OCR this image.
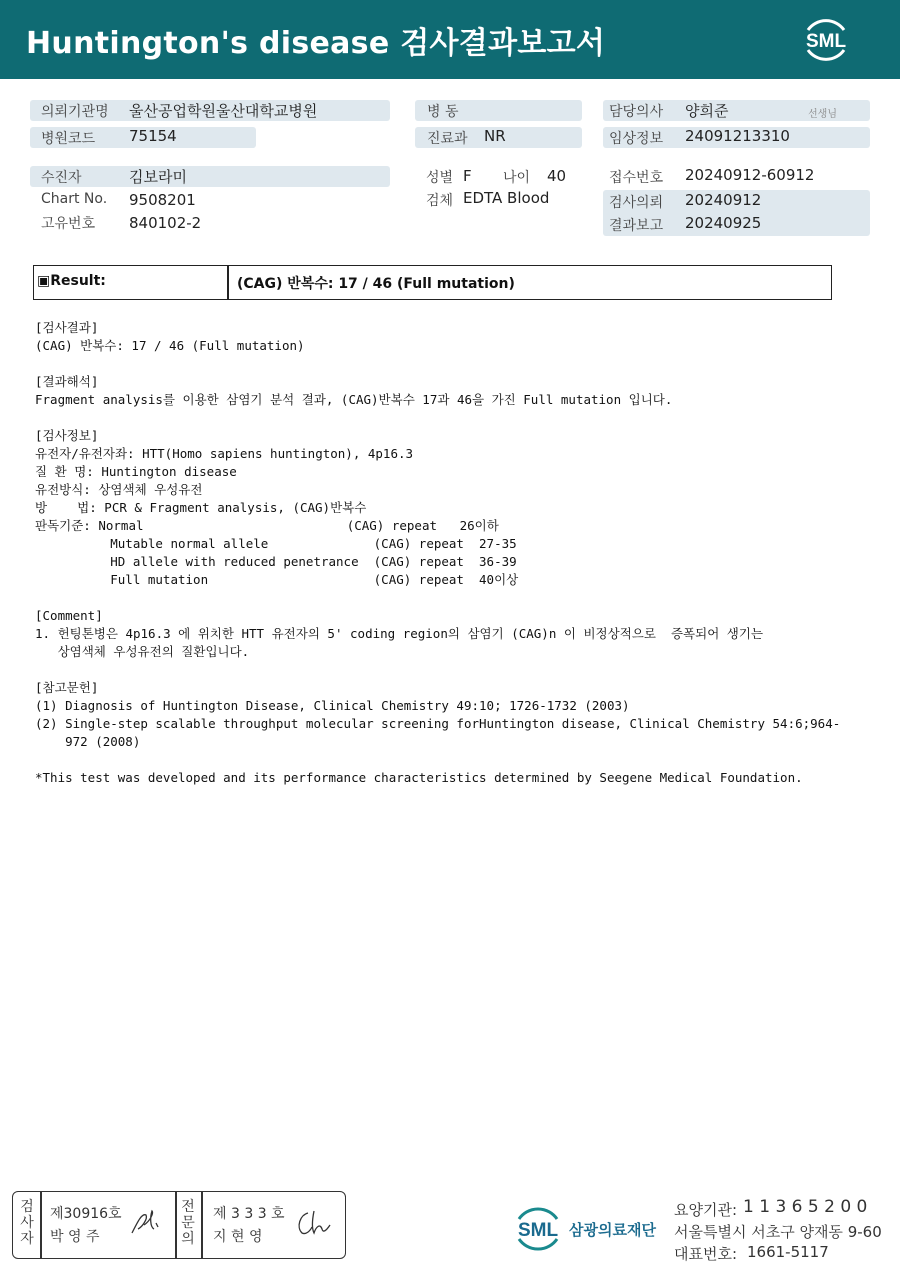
Huntington's disease 검사결과보고서	SML
의뢰기관명 울산공업학원울산대학교병원
병원코드 75154
병 동
진료과 NR
담당의사 양희준	선생님
임상정보 24091213310
수진자	김보라미
Chart No. 9508201
고유번호 840102-2
성별 F 나이 40
검체 EDTA Blood
접수번호 20240912-60912
검사의뢰 20240912
결과보고 20240925
▣Result:	(CAG) 반복수: 17 / 46 (Full mutation)
[검사결과]
(CAG) 반복수: 17 / 46 (Full mutation)

[결과해석]
Fragment analysis를 이용한 삼염기 분석 결과, (CAG)반복수 17과 46을 가진 Full mutation 입니다.

[검사정보]
유전자/유전자좌: HTT(Homo sapiens huntington), 4p16.3
질 환 명: Huntington disease
유전방식: 상염색체 우성유전
방    법: PCR & Fragment analysis, (CAG)반복수
판독기준: Normal                           (CAG) repeat   26이하
Mutable normal allele              (CAG) repeat  27-35
HD allele with reduced penetrance  (CAG) repeat  36-39
Full mutation                      (CAG) repeat  40이상

[Comment]
1. 헌팅톤병은 4p16.3 에 위치한 HTT 유전자의 5' coding region의 삼염기 (CAG)n 이 비정상적으로  증폭되어 생기는
상염색체 우성유전의 질환입니다.

[참고문헌]
(1) Diagnosis of Huntington Disease, Clinical Chemistry 49:10; 1726-1732 (2003)
(2) Single-step scalable throughput molecular screening forHuntington disease, Clinical Chemistry 54:6;964-
972 (2008)

*This test was developed and its performance characteristics determined by Seegene Medical Foundation.
검
사
자
전
문
의
제30916호
박 영 주
제 3 3 3 호
지 현 영	SML 삼광의료재단
요양기관: 1 1 3 6 5 2 0 0
서울특별시 서초구 양재동 9-60
대표번호: 1661-5117
